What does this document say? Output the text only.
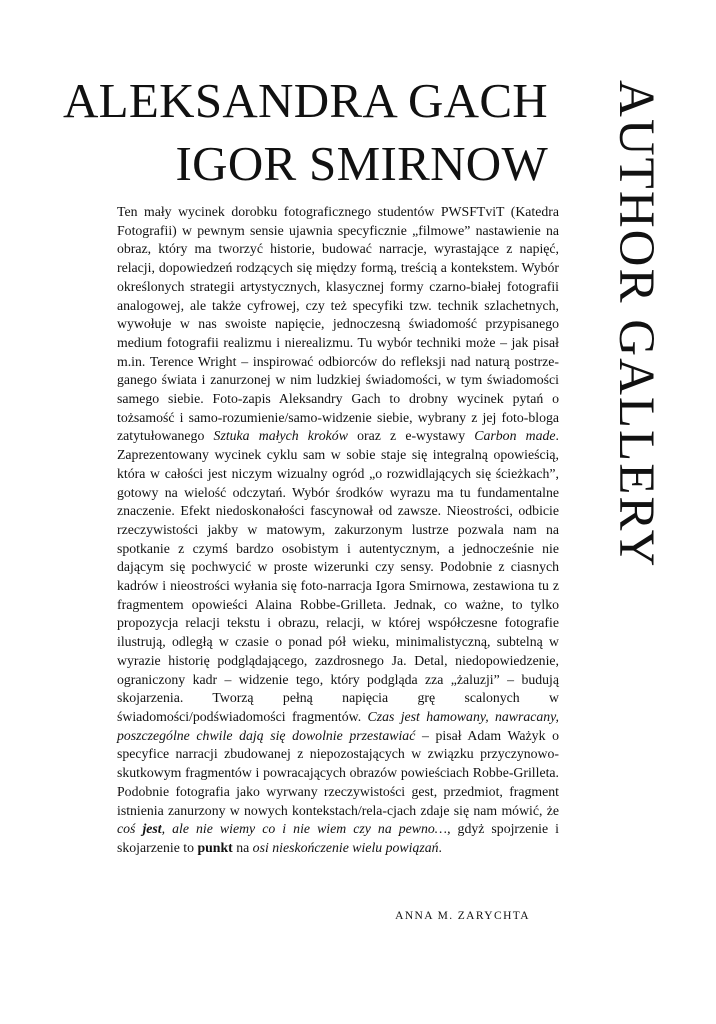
ALEKSANDRA GACH
IGOR SMIRNOW AUTHOR GALLERY

Ten mały wycinek dorobku fotograficznego studentów PWSFTviT (Katedra Fotografii) w pewnym sensie ujawnia specyficznie „filmowe” nastawienie na obraz, który ma tworzyć historie, budować narracje, wyrastające z napięć, relacji, dopowiedzeń rodzących się między formą, treścią a kontekstem. Wybór określonych strategii artystycznych, klasycznej formy czarno-białej fotografii analogowej, ale także cyfrowej, czy też specyfiki tzw. technik szlachetnych, wywołuje w nas swoiste napięcie, jednoczesną świadomość przypisanego medium fotografii realizmu i nierealizmu. Tu wybór techniki może – jak pisał m.in. Terence Wright – inspirować odbiorców do refleksji nad naturą postrzeganego świata i zanurzonej w nim ludzkiej świadomości, w tym świadomości samego siebie. Foto-zapis Aleksandry Gach to drobny wycinek pytań o tożsamość i samo-rozumienie/samo-widzenie siebie, wybrany z jej foto-bloga zatytułowanego Sztuka małych kroków oraz z e-wystawy Carbon made. Zaprezentowany wycinek cyklu sam w sobie staje się integralną opowieścią, która w całości jest niczym wizualny ogród „o rozwidlających się ścieżkach”, gotowy na wielość odczytań. Wybór środków wyrazu ma tu fundamentalne znaczenie. Efekt niedoskonałości fascynował od zawsze. Nieostrości, odbicie rzeczywistości jakby w matowym, zakurzonym lustrze pozwala nam na spotkanie z czymś bardzo osobistym i autentycznym, a jednocześnie nie dającym się pochwycić w proste wizerunki czy sensy. Podobnie z ciasnych kadrów i nieostrości wyłania się foto-narracja Igora Smirnowa, zestawiona tu z fragmentem opowieści Alaina Robbe-Grilleta. Jednak, co ważne, to tylko propozycja relacji tekstu i obrazu, relacji, w której współczesne fotografie ilustrują, odległą w czasie o ponad pół wieku, minimalistyczną, subtelną w wyrazie historię podglądającego, zazdrosnego Ja. Detal, niedopowiedzenie, ograniczony kadr – widzenie tego, który podgląda zza „żaluzji” – budują skojarzenia. Tworzą pełną napięcia grę scalonych w świadomości/podświadomości fragmentów. Czas jest hamowany, nawracany, poszczególne chwile dają się dowolnie przestawiać – pisał Adam Ważyk o specyfice narracji zbudowanej z niepozostających w związku przyczynowo-skutkowym fragmentów i powracających obrazów powieściach Robbe-Grilleta. Podobnie fotografia jako wyrwany rzeczywistości gest, przedmiot, fragment istnienia zanurzony w nowych kontekstach/rela-cjach zdaje się nam mówić, że coś jest, ale nie wiemy co i nie wiem czy na pewno…, gdyż spojrzenie i skojarzenie to punkt na osi nieskończenie wielu powiązań.

ANNA M. ZARYCHTA
